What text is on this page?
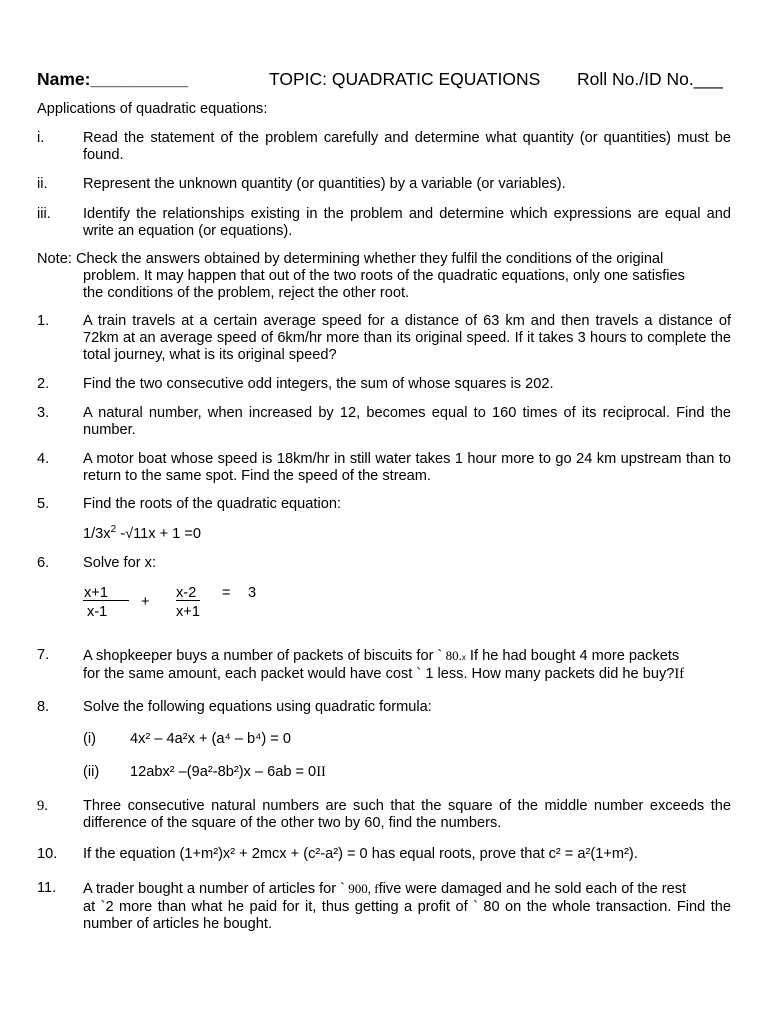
Name:__________	TOPIC: QUADRATIC EQUATIONS Roll No./ID No.___
Applications of quadratic equations:
i.	Read the statement of the problem carefully and determine what quantity (or quantities) must be found.
ii. Represent the unknown quantity (or quantities) by a variable (or variables).
iii. Identify the relationships existing in the problem and determine which expressions are equal and write an equation (or equations).
Note: Check the answers obtained by determining whether they fulfil the conditions of the original
problem. It may happen that out of the two roots of the quadratic equations, only one satisfies
the conditions of the problem, reject the other root.
1. A train travels at a certain average speed for a distance of 63 km and then travels a distance of 72km at an average speed of 6km/hr more than its original speed. If it takes 3 hours to complete the total journey, what is its original speed?
2. Find the two consecutive odd integers, the sum of whose squares is 202.
3. A natural number, when increased by 12, becomes equal to 160 times of its reciprocal. Find the number.
4. A motor boat whose speed is 18km/hr in still water takes 1 hour more to go 24 km upstream than to return to the same spot. Find the speed of the stream.
5. Find the roots of the quadratic equation:
$1/3x^2$ -√11x + 1 =0
6. Solve for x:
x+1
x-1
+
x-2
x+1
= 3
7. A shopkeeper buys a number of packets of biscuits for ` 80.x If he had bought 4 more packets
for the same amount, each packet would have cost ` 1 less. How many packets did he buy?If
8. Solve the following equations using quadratic formula:
(i) 4x² – 4a²x + (a⁴ – b⁴) = 0
(ii) 12abx² –(9a²-8b²)x – 6ab = 0II
9. Three consecutive natural numbers are such that the square of the middle number exceeds the difference of the square of the other two by 60, find the numbers.
10. If the equation (1+m²)x² + 2mcx + (c²-a²) = 0 has equal roots, prove that c² = a²(1+m²).
11. A trader bought a number of articles for ` 900, ffive were damaged and he sold each of the rest
at `2 more than what he paid for it, thus getting a profit of ` 80 on the whole transaction. Find the number of articles he bought.
